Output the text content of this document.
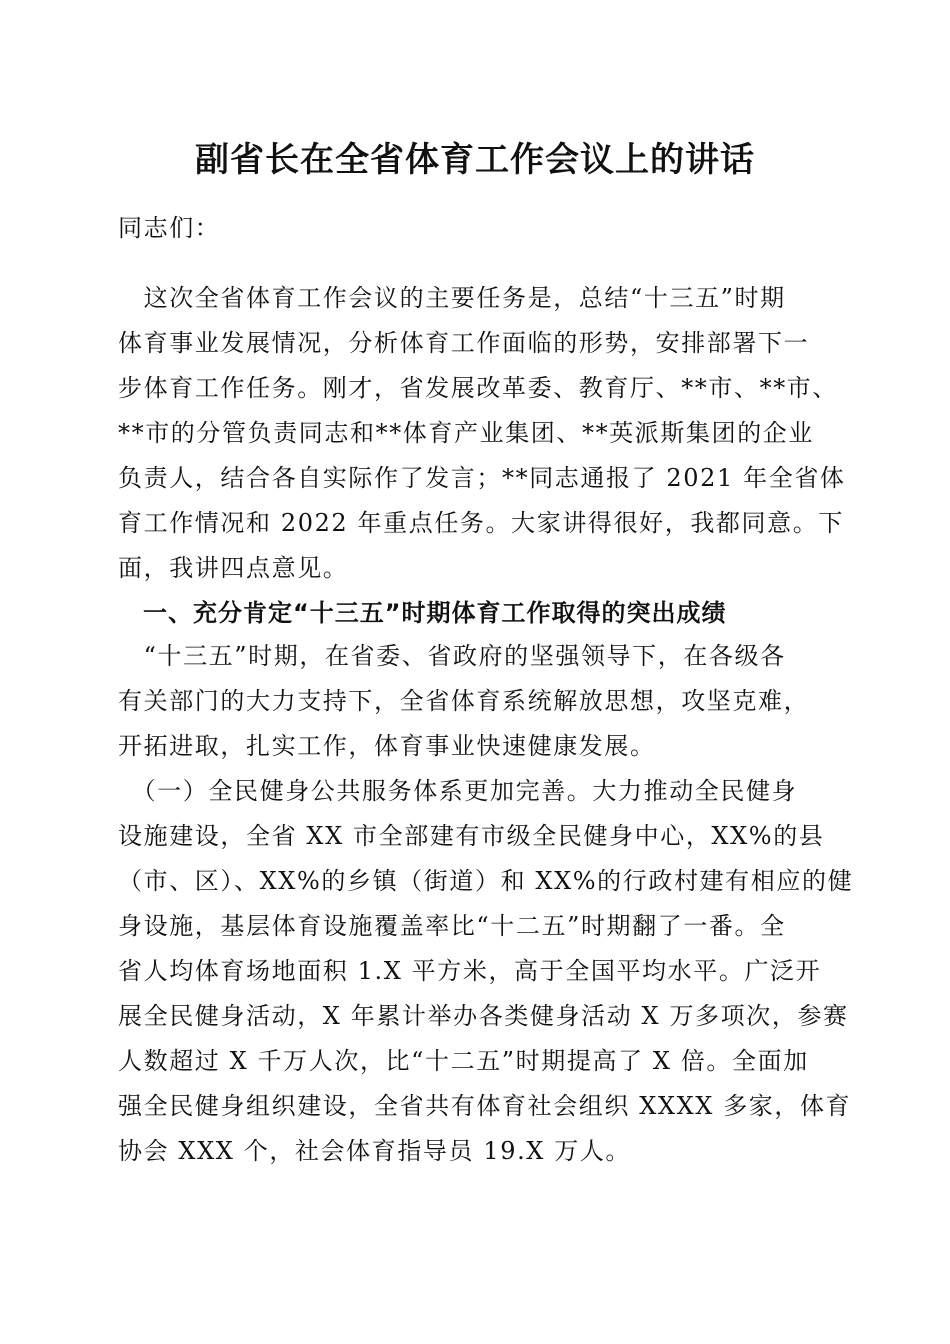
副省长在全省体育工作会议上的讲话
同志们：
　这次全省体育工作会议的主要任务是，总结“十三五”时期
体育事业发展情况，分析体育工作面临的形势，安排部署下一
步体育工作任务。刚才，省发展改革委、教育厅、**市、**市、
**市的分管负责同志和**体育产业集团、**英派斯集团的企业
负责人，结合各自实际作了发言；**同志通报了 2021 年全省体
育工作情况和 2022 年重点任务。大家讲得很好，我都同意。下
面，我讲四点意见。
　一、充分肯定“十三五”时期体育工作取得的突出成绩
　“十三五”时期，在省委、省政府的坚强领导下，在各级各
有关部门的大力支持下，全省体育系统解放思想，攻坚克难，
开拓进取，扎实工作，体育事业快速健康发展。
　（一）全民健身公共服务体系更加完善。大力推动全民健身
设施建设，全省 XX 市全部建有市级全民健身中心，XX%的县
（市、区）、XX%的乡镇（街道）和 XX%的行政村建有相应的健
身设施，基层体育设施覆盖率比“十二五”时期翻了一番。全
省人均体育场地面积 1.X 平方米，高于全国平均水平。广泛开
展全民健身活动，X 年累计举办各类健身活动 X 万多项次，参赛
人数超过 X 千万人次，比“十二五”时期提高了 X 倍。全面加
强全民健身组织建设，全省共有体育社会组织 XXXX 多家，体育
协会 XXX 个，社会体育指导员 19.X 万人。
